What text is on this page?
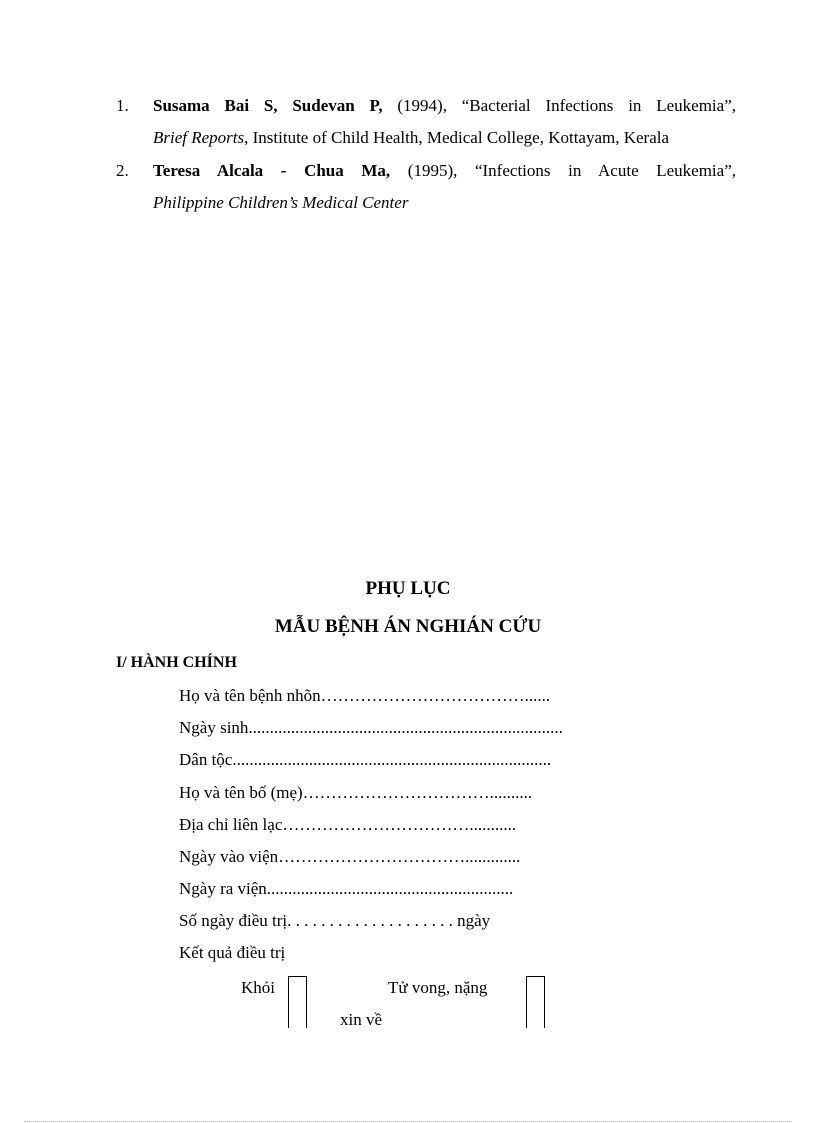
1. Susama Bai S, Sudevan P, (1994), “Bacterial Infections in Leukemia”,
Brief Reports, Institute of Child Health, Medical College, Kottayam, Kerala
2. Teresa Alcala - Chua Ma, (1995), “Infections in Acute Leukemia”,
Philippine Children’s Medical Center
PHỤ LỤC
MẪU BỆNH ÁN NGHIÁN CỨU
I/ HÀNH CHÍNH
Họ và tên bệnh nhõn………………………………......
Ngày sinh..........................................................................
Dân tộc...........................................................................
Họ và tên bố (mẹ)……………………………..........
Địa chỉ liên lạc……………………………...........
Ngày vào viện…………………………….............
Ngày ra viện..........................................................
Số ngày điều trị. . . . . . . . . . . . . . . . . . . . ngày
Kết quả điều trị
Khỏi	Tử vong, nặng
xin về
